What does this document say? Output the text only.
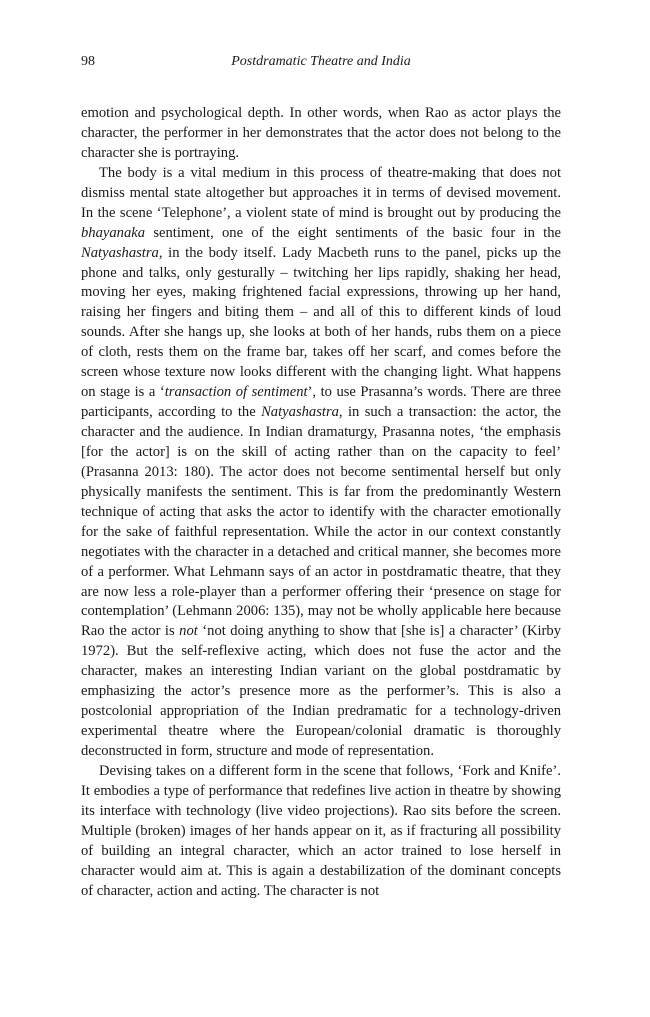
98	Postdramatic Theatre and India

emotion and psychological depth. In other words, when Rao as actor plays the character, the performer in her demonstrates that the actor does not belong to the character she is portraying.

The body is a vital medium in this process of theatre-making that does not dismiss mental state altogether but approaches it in terms of devised movement. In the scene ‘Telephone’, a violent state of mind is brought out by producing the bhayanaka sentiment, one of the eight sentiments of the basic four in the Natyashastra, in the body itself. Lady Macbeth runs to the panel, picks up the phone and talks, only gesturally – twitching her lips rapidly, shaking her head, moving her eyes, making frightened facial expressions, throwing up her hand, raising her fingers and biting them – and all of this to different kinds of loud sounds. After she hangs up, she looks at both of her hands, rubs them on a piece of cloth, rests them on the frame bar, takes off her scarf, and comes before the screen whose texture now looks different with the changing light. What happens on stage is a ‘transaction of sentiment’, to use Prasanna’s words. There are three participants, according to the Natyashastra, in such a transaction: the actor, the character and the audience. In Indian dramaturgy, Prasanna notes, ‘the emphasis [for the actor] is on the skill of acting rather than on the capacity to feel’ (Prasanna 2013: 180). The actor does not become sentimental herself but only physically manifests the sentiment. This is far from the predominantly Western technique of acting that asks the actor to identify with the character emotionally for the sake of faithful representation. While the actor in our context constantly negotiates with the character in a detached and critical manner, she becomes more of a performer. What Lehmann says of an actor in postdramatic theatre, that they are now less a role-player than a performer offering their ‘presence on stage for contemplation’ (Lehmann 2006: 135), may not be wholly applicable here because Rao the actor is not ‘not doing anything to show that [she is] a character’ (Kirby 1972). But the self-reflexive acting, which does not fuse the actor and the character, makes an interesting Indian variant on the global postdramatic by emphasizing the actor’s presence more as the performer’s. This is also a postcolonial appropriation of the Indian predramatic for a technology-driven experimental theatre where the European/​colonial dramatic is thoroughly deconstructed in form, structure and mode of representation.

Devising takes on a different form in the scene that follows, ‘Fork and Knife’. It embodies a type of performance that redefines live action in theatre by showing its interface with technology (live video projections). Rao sits before the screen. Multiple (broken) images of her hands appear on it, as if fracturing all possibility of building an integral character, which an actor trained to lose herself in character would aim at. This is again a destabilization of the dominant concepts of character, action and acting. The character is not
